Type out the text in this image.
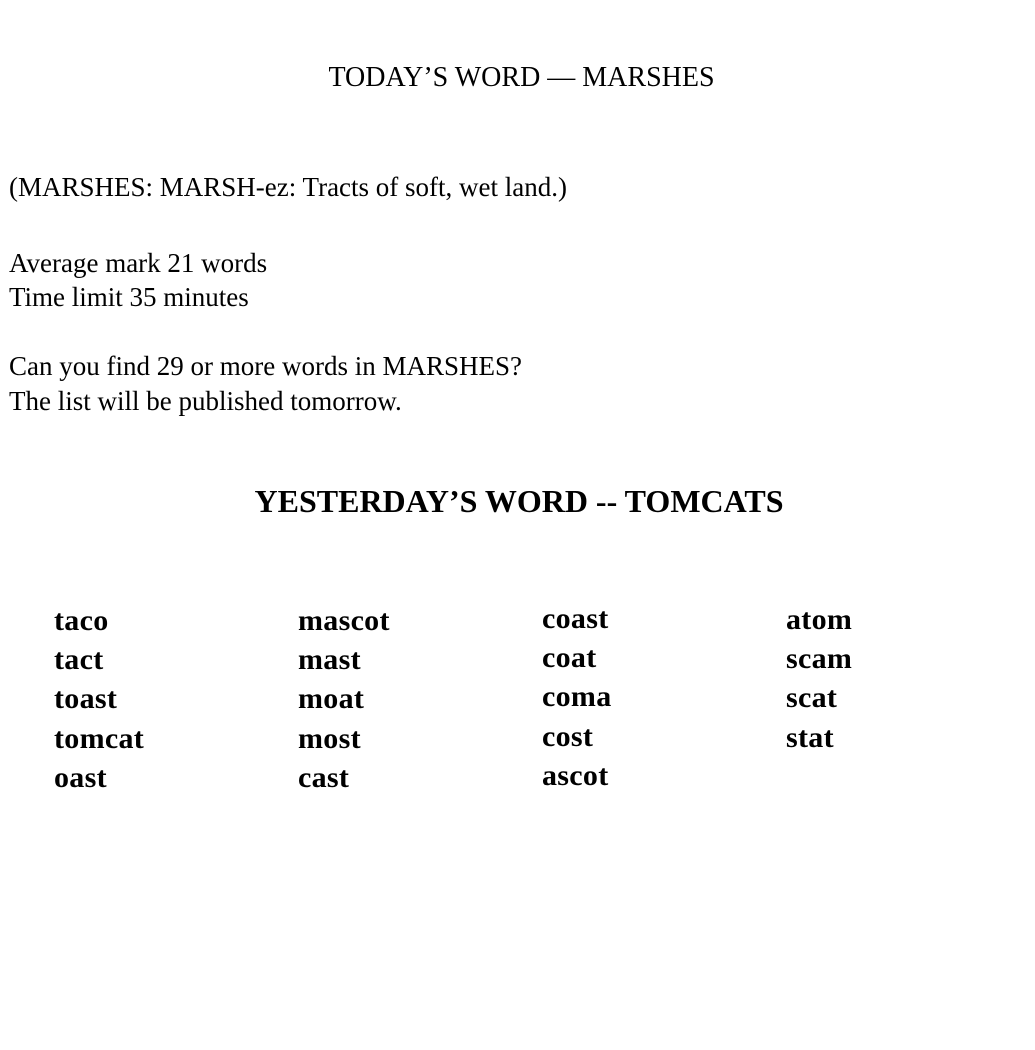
TODAY’S WORD — MARSHES

(MARSHES: MARSH-ez: Tracts of soft, wet land.)

Average mark 21 words

Time limit 35 minutes

Can you find 29 or more words in MARSHES?

The list will be published tomorrow.

YESTERDAY’S WORD -- TOMCATS
taco
tact
toast
tomcat
oast
mascot
mast
moat
most
cast
coast
coat
coma
cost
ascot
atom
scam
scat
stat
